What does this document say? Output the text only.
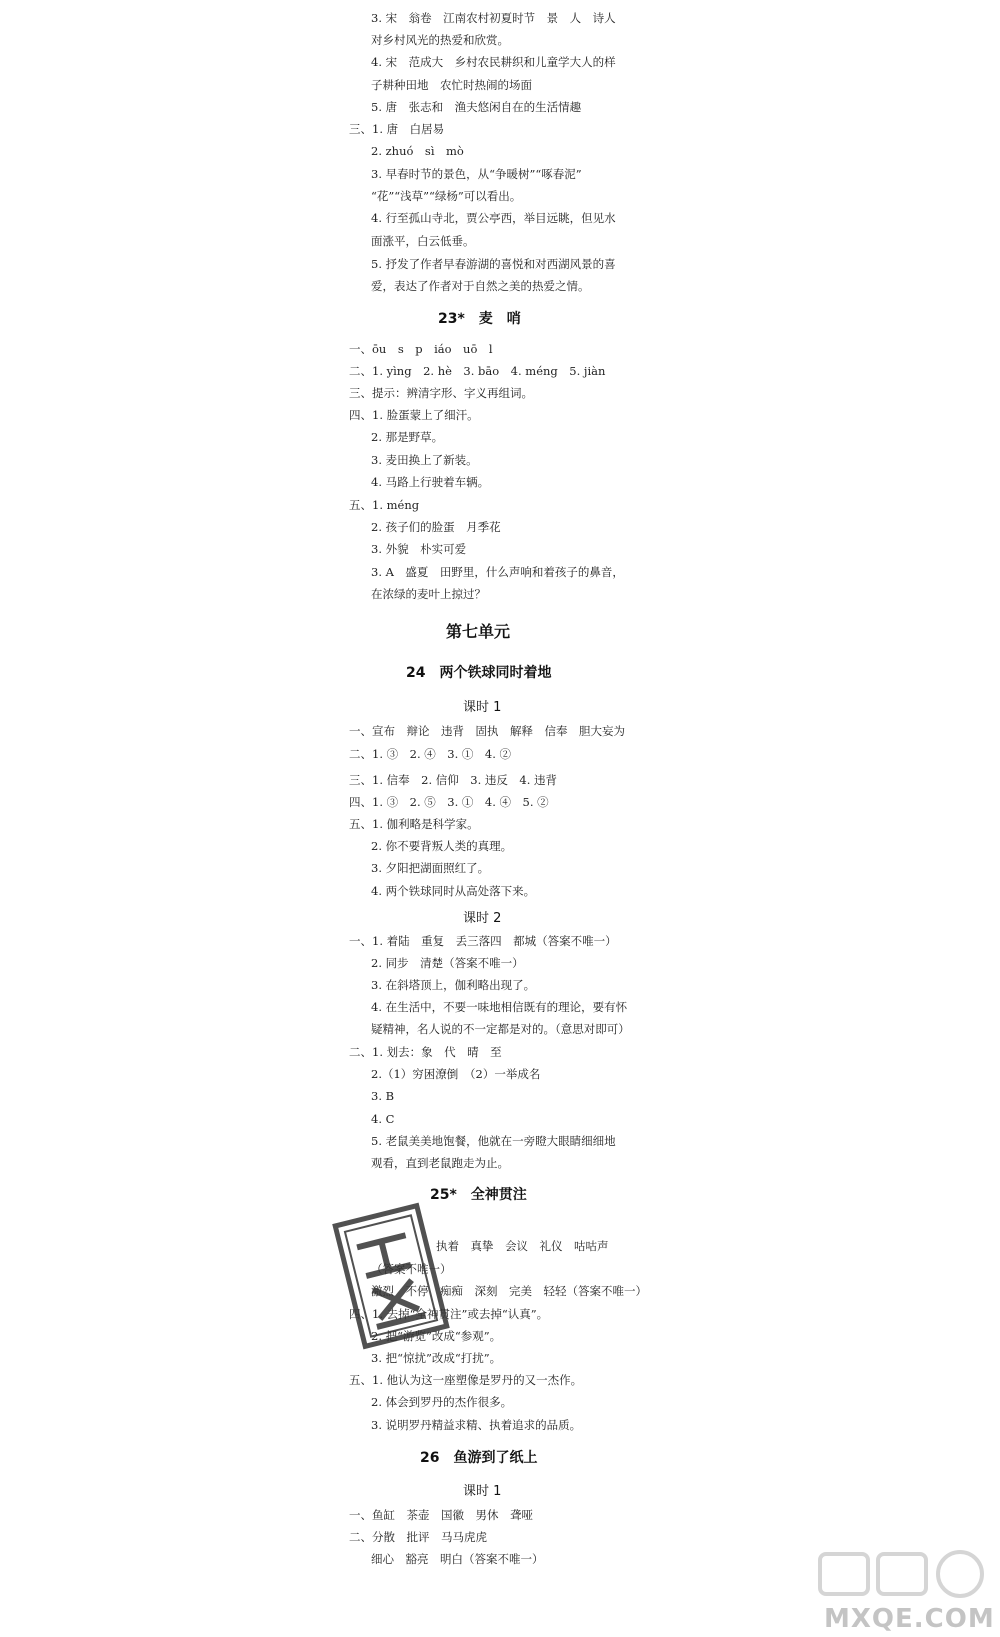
3. 宋　翁卷　江南农村初夏时节　景　人　诗人
对乡村风光的热爱和欣赏。
4. 宋　范成大　乡村农民耕织和儿童学大人的样
子耕种田地　农忙时热闹的场面
5. 唐　张志和　渔夫悠闲自在的生活情趣
三、1. 唐　白居易
2. zhuó　sì　mò
3. 早春时节的景色，从“争暖树”“啄春泥”
“花”“浅草”“绿杨”可以看出。
4. 行至孤山寺北，贾公亭西，举目远眺，但见水
面涨平，白云低垂。
5. 抒发了作者早春游湖的喜悦和对西湖风景的喜
爱，表达了作者对于自然之美的热爱之情。
23*　麦　哨
一、ōu　s　p　iáo　uō　l
二、1. yìng　2. hè　3. bāo　4. méng　5. jiàn
三、提示：辨清字形、字义再组词。
四、1. 脸蛋蒙上了细汗。
2. 那是野草。
3. 麦田换上了新装。
4. 马路上行驶着车辆。
五、1. méng
2. 孩子们的脸蛋　月季花
3. 外貌　朴实可爱
3. A　盛夏　田野里，什么声响和着孩子的鼻音，
在浓绿的麦叶上掠过？
第七单元
24　两个铁球同时着地
课时 1
一、宣布　辩论　违背　固执　解释　信奉　胆大妄为
二、1. ③　2. ④　3. ①　4. ②
三、1. 信奉　2. 信仰　3. 违反　4. 违背
四、1. ③　2. ⑤　3. ①　4. ④　5. ②
五、1. 伽利略是科学家。
2. 你不要背叛人类的真理。
3. 夕阳把湖面照红了。
4. 两个铁球同时从高处落下来。
课时 2
一、1. 着陆　重复　丢三落四　都城（答案不唯一）
2. 同步　清楚（答案不唯一）
3. 在斜塔顶上，伽利略出现了。
4. 在生活中，不要一味地相信既有的理论，要有怀
疑精神，名人说的不一定都是对的。（意思对即可）
二、1. 划去：象　代　晴　至
2.（1）穷困潦倒　（2）一举成名
3. B
4. C
5. 老鼠美美地饱餐，他就在一旁瞪大眼睛细细地
观看，直到老鼠跑走为止。
25*　全神贯注
执着　真挚　会议　礼仪　咕咕声
（答案不唯一）
激烈　不停　痴痴　深刻　完美　轻轻（答案不唯一）
四、1. 去掉“全神贯注”或去掉“认真”。
2. 把“游览”改成“参观”。
3. 把“惊扰”改成“打扰”。
五、1. 他认为这一座塑像是罗丹的又一杰作。
2. 体会到罗丹的杰作很多。
3. 说明罗丹精益求精、执着追求的品质。
26　鱼游到了纸上
课时 1
一、鱼缸　茶壶　国徽　男休　聋哑
二、分散　批评　马马虎虎
细心　豁亮　明白（答案不唯一）
MXQE.COM
